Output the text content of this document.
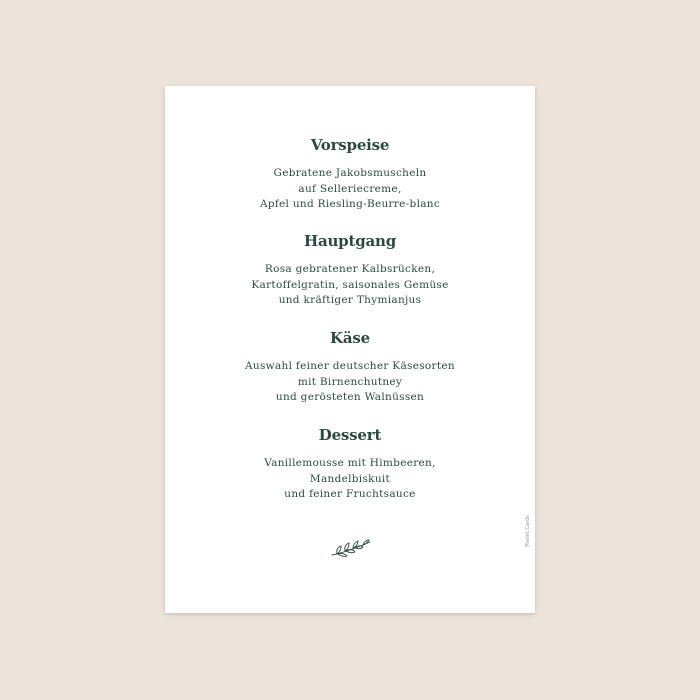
Vorspeise
Gebratene Jakobsmuscheln
auf Selleriecreme,
Apfel und Riesling-Beurre-blanc
Hauptgang
Rosa gebratener Kalbsrücken,
Kartoffelgratin, saisonales Gemüse
und kräftiger Thymianjus
Käse
Auswahl feiner deutscher Käsesorten
mit Birnenchutney
und gerösteten Walnüssen
Dessert
Vanillemousse mit Himbeeren,
Mandelbiskuit
und feiner Fruchtsauce
Planet Cards
